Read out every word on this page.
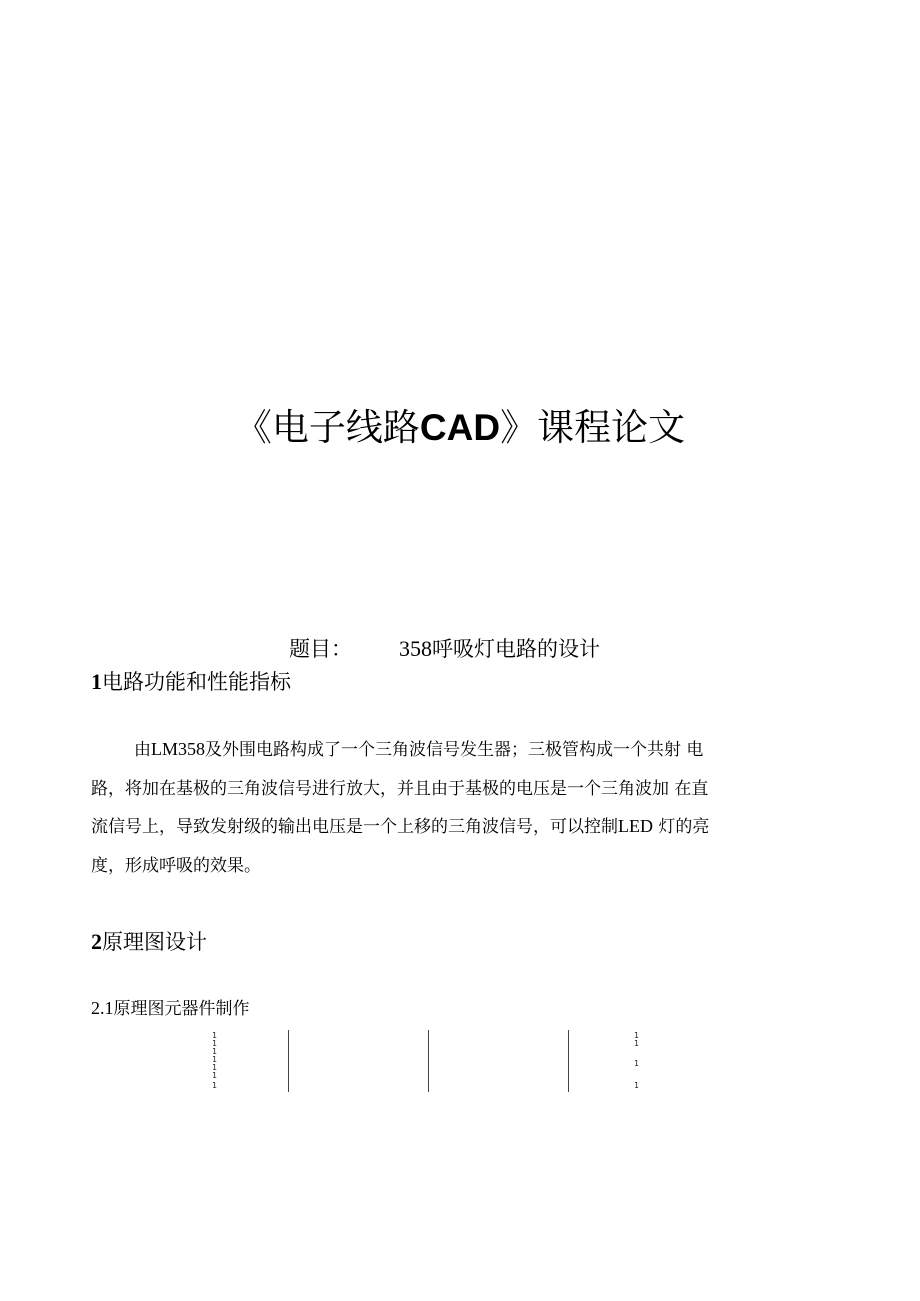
《电子线路CAD》课程论文
题目： 358呼吸灯电路的设计
1电路功能和性能指标
由LM358及外围电路构成了一个三角波信号发生器；三极管构成一个共射 电
路，将加在基极的三角波信号进行放大，并且由于基极的电压是一个三角波加 在直
流信号上，导致发射级的输出电压是一个上移的三角波信号，可以控制LED 灯的亮
度，形成呼吸的效果。
2原理图设计
2.1原理图元器件制作
1
1
1
1
1
1
1
1
1
1
1
